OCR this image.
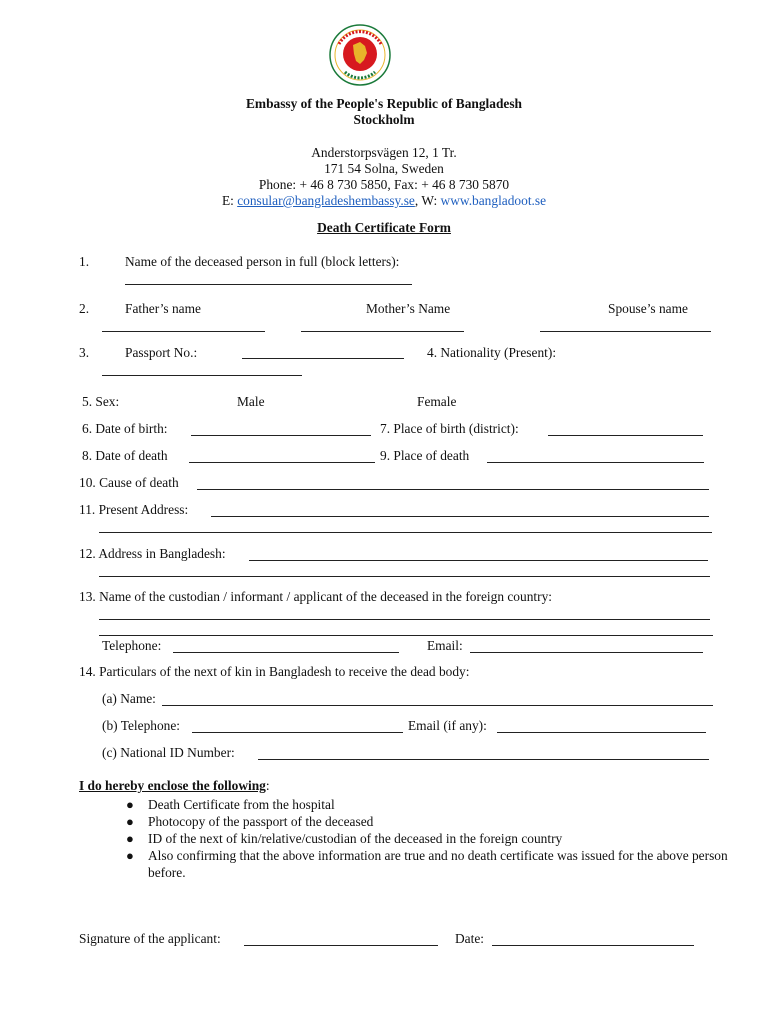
Embassy of the People's Republic of Bangladesh
Stockholm
Anderstorpsvägen 12, 1 Tr.
171 54 Solna, Sweden
Phone: + 46 8 730 5850, Fax: + 46 8 730 5870
E: consular@bangladeshembassy.se, W: www.bangladoot.se
Death Certificate Form
1.	Name of the deceased person in full (block letters):
2.	Father’s name	Mother’s Name	Spouse’s name
3.	Passport No.:	4. Nationality (Present):
5. Sex:	Male	Female
6. Date of birth:	7. Place of birth (district):
8. Date of death	9. Place of death
10. Cause of death
11. Present Address:
12. Address in Bangladesh:
13. Name of the custodian / informant / applicant of the deceased in the foreign country:
Telephone:	Email:
14. Particulars of the next of kin in Bangladesh to receive the dead body:
(a) Name:
(b) Telephone:	Email (if any):
(c) National ID Number:
I do hereby enclose the following:
● Death Certificate from the hospital
● Photocopy of the passport of the deceased
● ID of the next of kin/relative/custodian of the deceased in the foreign country
● Also confirming that the above information are true and no death certificate was issued for the above person before.
Signature of the applicant:	Date:
